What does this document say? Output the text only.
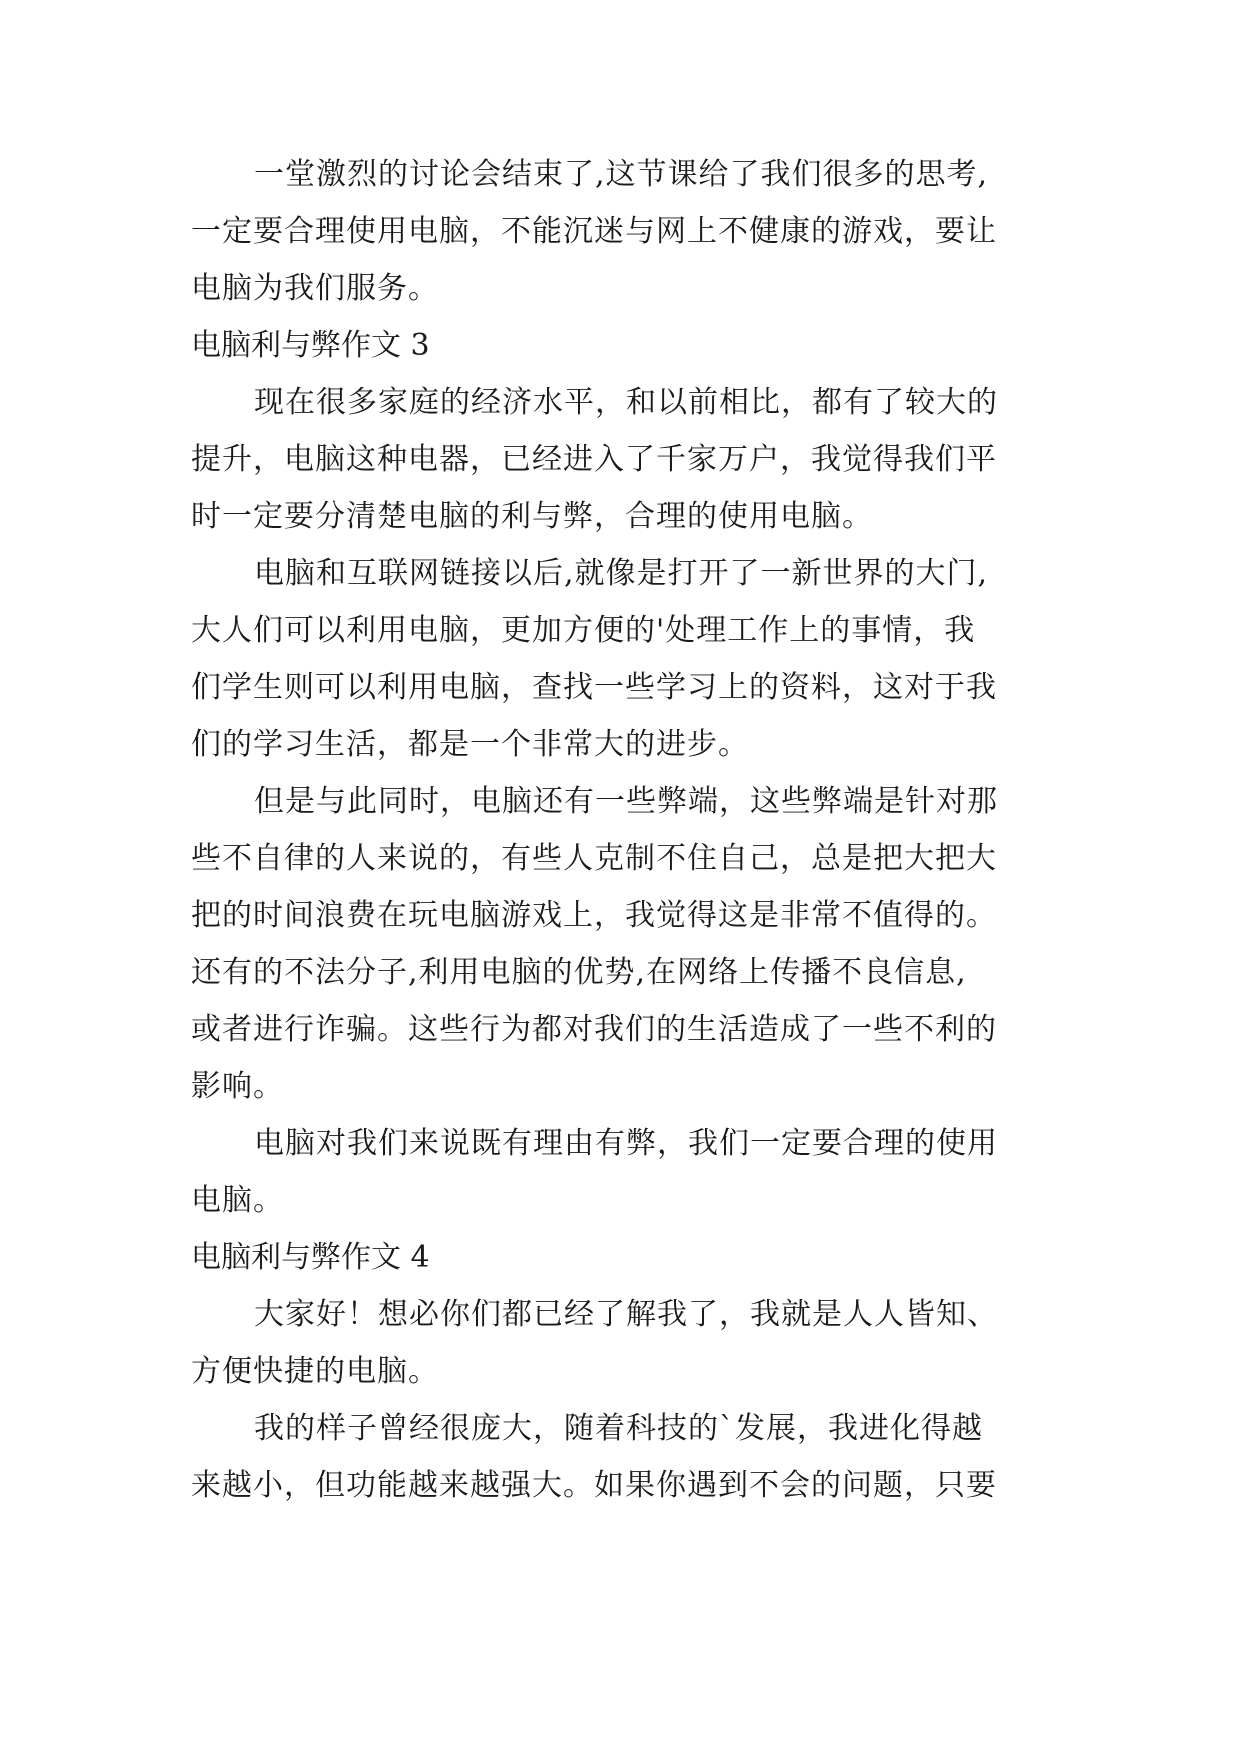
一堂激烈的讨论会结束了,这节课给了我们很多的思考,
一定要合理使用电脑，不能沉迷与网上不健康的游戏，要让
电脑为我们服务。
电脑利与弊作文 3
现在很多家庭的经济水平，和以前相比，都有了较大的
提升，电脑这种电器，已经进入了千家万户，我觉得我们平
时一定要分清楚电脑的利与弊，合理的使用电脑。
电脑和互联网链接以后,就像是打开了一新世界的大门,
大人们可以利用电脑，更加方便的'处理工作上的事情，我
们学生则可以利用电脑，查找一些学习上的资料，这对于我
们的学习生活，都是一个非常大的进步。
但是与此同时，电脑还有一些弊端，这些弊端是针对那
些不自律的人来说的，有些人克制不住自己，总是把大把大
把的时间浪费在玩电脑游戏上，我觉得这是非常不值得的。
还有的不法分子,利用电脑的优势,在网络上传播不良信息,
或者进行诈骗。这些行为都对我们的生活造成了一些不利的
影响。
电脑对我们来说既有理由有弊，我们一定要合理的使用
电脑。
电脑利与弊作文 4
大家好！想必你们都已经了解我了，我就是人人皆知、
方便快捷的电脑。
我的样子曾经很庞大，随着科技的`发展，我进化得越
来越小，但功能越来越强大。如果你遇到不会的问题，只要
